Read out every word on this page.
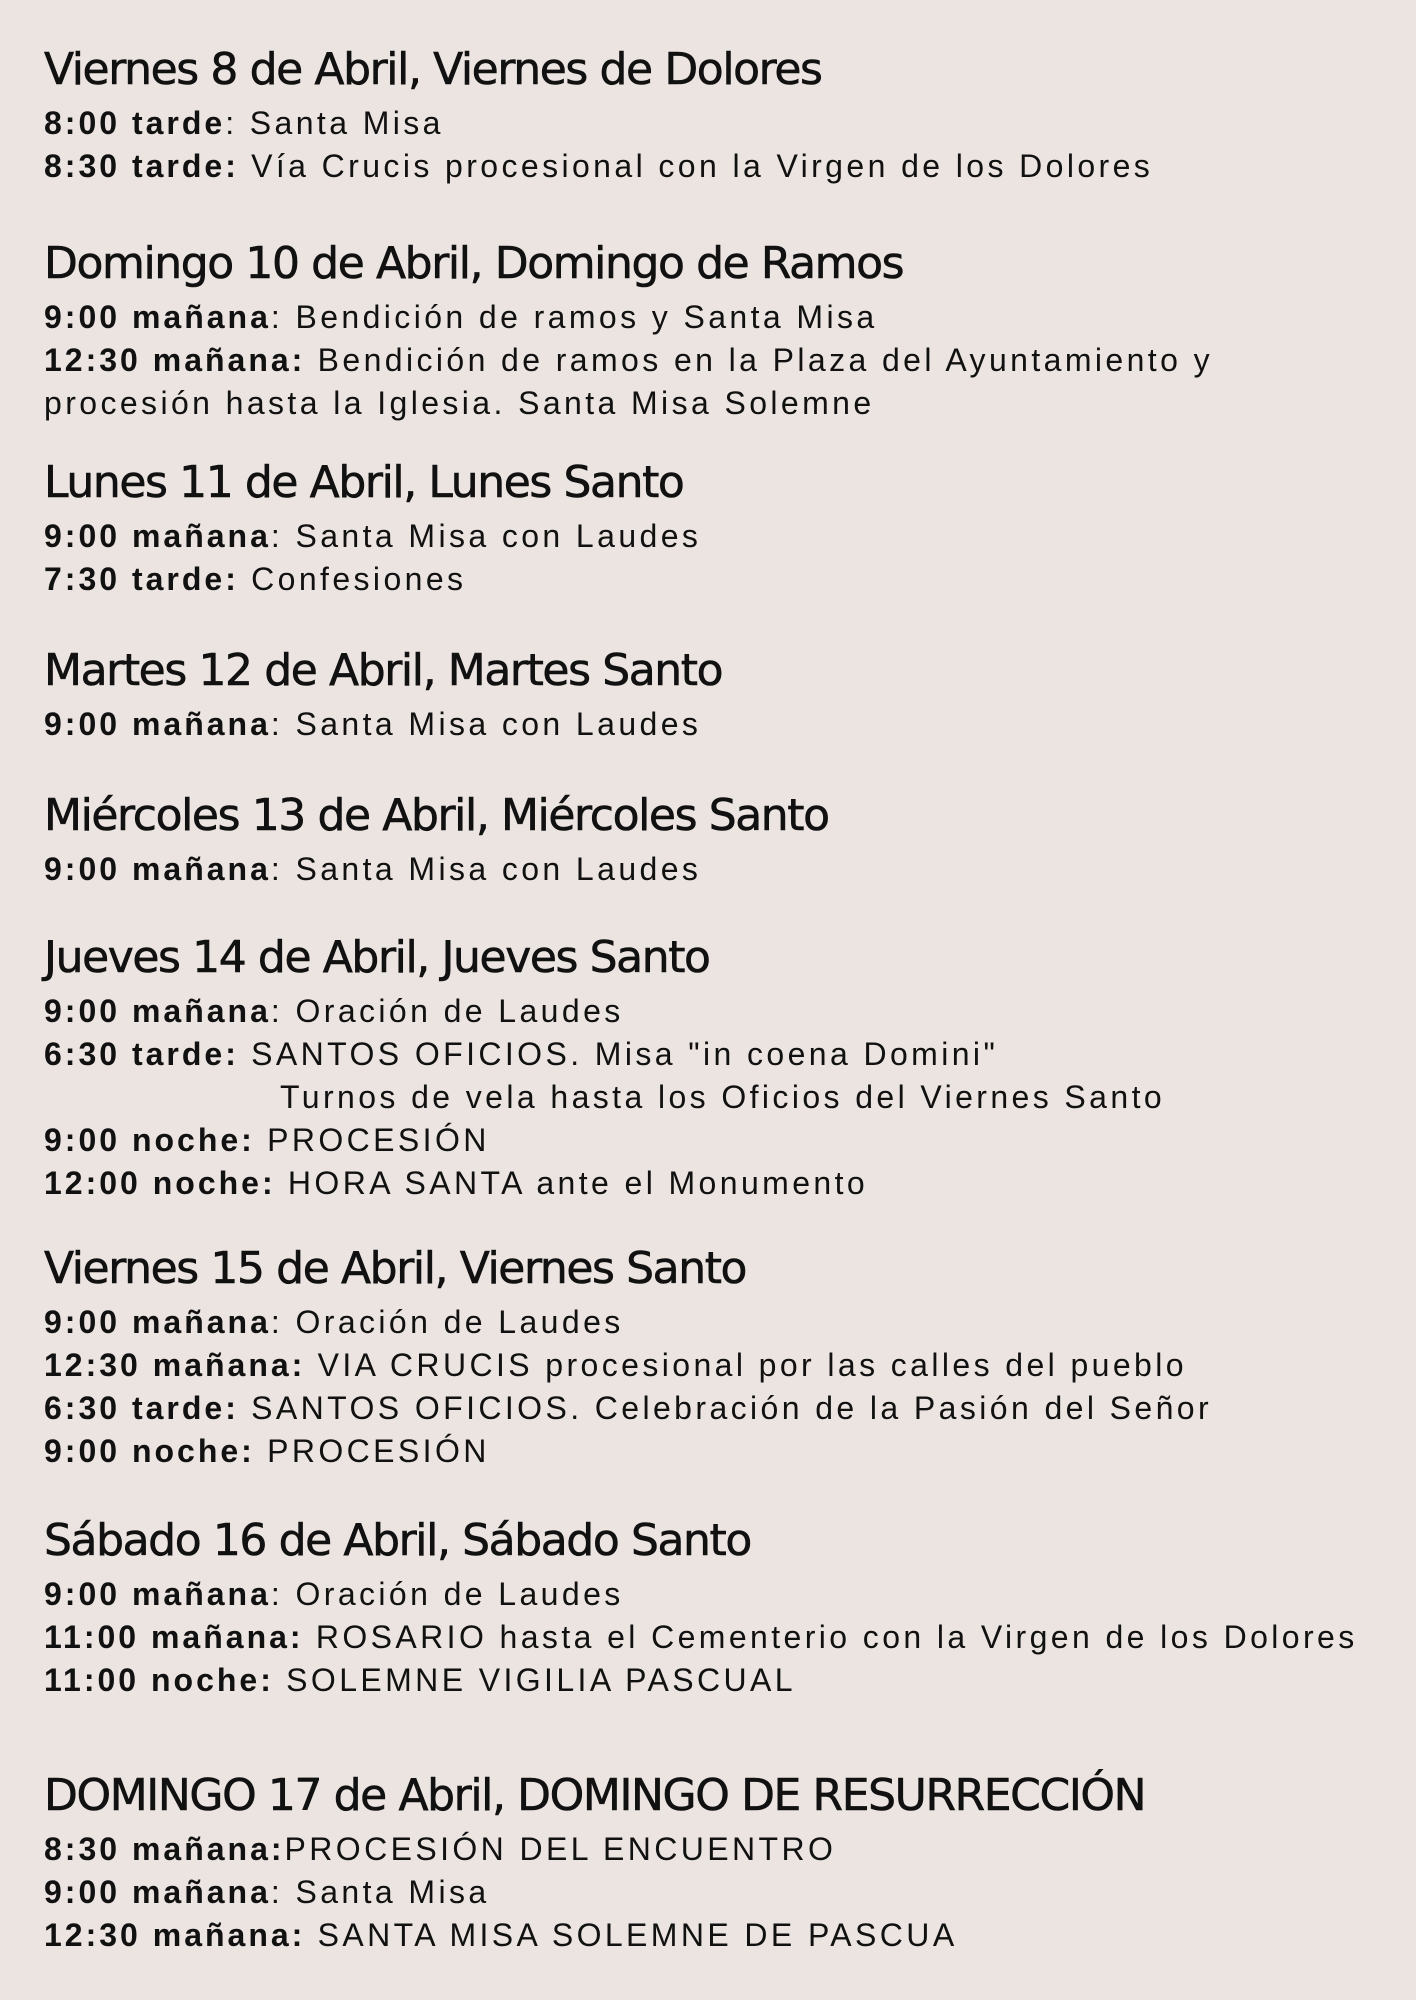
Viernes 8 de Abril, Viernes de Dolores
8:00 tarde: Santa Misa
8:30 tarde: Vía Crucis procesional con la Virgen de los Dolores
Domingo 10 de Abril, Domingo de Ramos
9:00 mañana: Bendición de ramos y Santa Misa
12:30 mañana: Bendición de ramos en la Plaza del Ayuntamiento y procesión hasta la Iglesia. Santa Misa Solemne
Lunes 11 de Abril, Lunes Santo
9:00 mañana: Santa Misa con Laudes
7:30 tarde: Confesiones
Martes 12 de Abril, Martes Santo
9:00 mañana: Santa Misa con Laudes
Miércoles 13 de Abril, Miércoles Santo
9:00 mañana: Santa Misa con Laudes
Jueves 14 de Abril, Jueves Santo
9:00 mañana: Oración de Laudes
6:30 tarde: SANTOS OFICIOS. Misa "in coena Domini"
Turnos de vela hasta los Oficios del Viernes Santo
9:00 noche: PROCESIÓN
12:00 noche: HORA SANTA ante el Monumento
Viernes 15 de Abril, Viernes Santo
9:00 mañana: Oración de Laudes
12:30 mañana: VIA CRUCIS procesional por las calles del pueblo
6:30 tarde: SANTOS OFICIOS. Celebración de la Pasión del Señor
9:00 noche: PROCESIÓN
Sábado 16 de Abril, Sábado Santo
9:00 mañana: Oración de Laudes
11:00 mañana: ROSARIO hasta el Cementerio con la Virgen de los Dolores
11:00 noche: SOLEMNE VIGILIA PASCUAL
DOMINGO 17 de Abril, DOMINGO DE RESURRECCIÓN
8:30 mañana:PROCESIÓN DEL ENCUENTRO
9:00 mañana: Santa Misa
12:30 mañana: SANTA MISA SOLEMNE DE PASCUA
